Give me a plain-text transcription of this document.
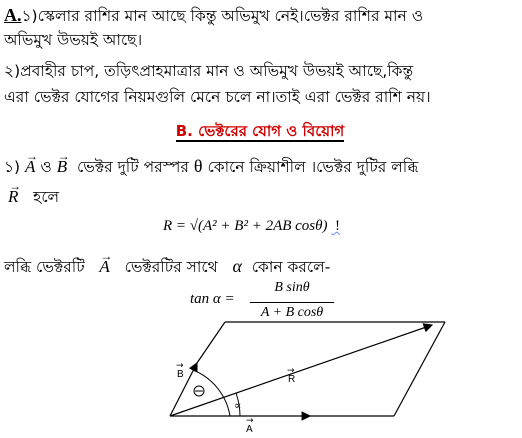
A.১)স্কেলার রাশির মান আছে কিন্তু অভিমুখ নেই।ভেক্টর রাশির মান ও
অভিমুখ উভয়ই আছে।
২)প্রবাহীর চাপ, তড়িৎপ্রাহমাত্রার মান ও অভিমুখ উভয়ই আছে,কিন্তু
এরা ভেক্টর যোগের নিয়মগুলি মেনে চলে না।তাই এরা ভেক্টর রাশি নয়।
B. ভেক্টরের যোগ ও বিয়োগ
১) → A ও → B ভেক্টর দুটি পরস্পর θ কোনে ক্রিয়াশীল ।ভেক্টর দুটির লব্ধি
→ R হলে
R = √(A² + B² + 2AB cosθ)  !
লব্ধি ভেক্টরটি → A ভেক্টরটির সাথে α কোন করলে-
tan α =
B sinθ
A + B cosθ
A
→
B
→
R
→
∝
